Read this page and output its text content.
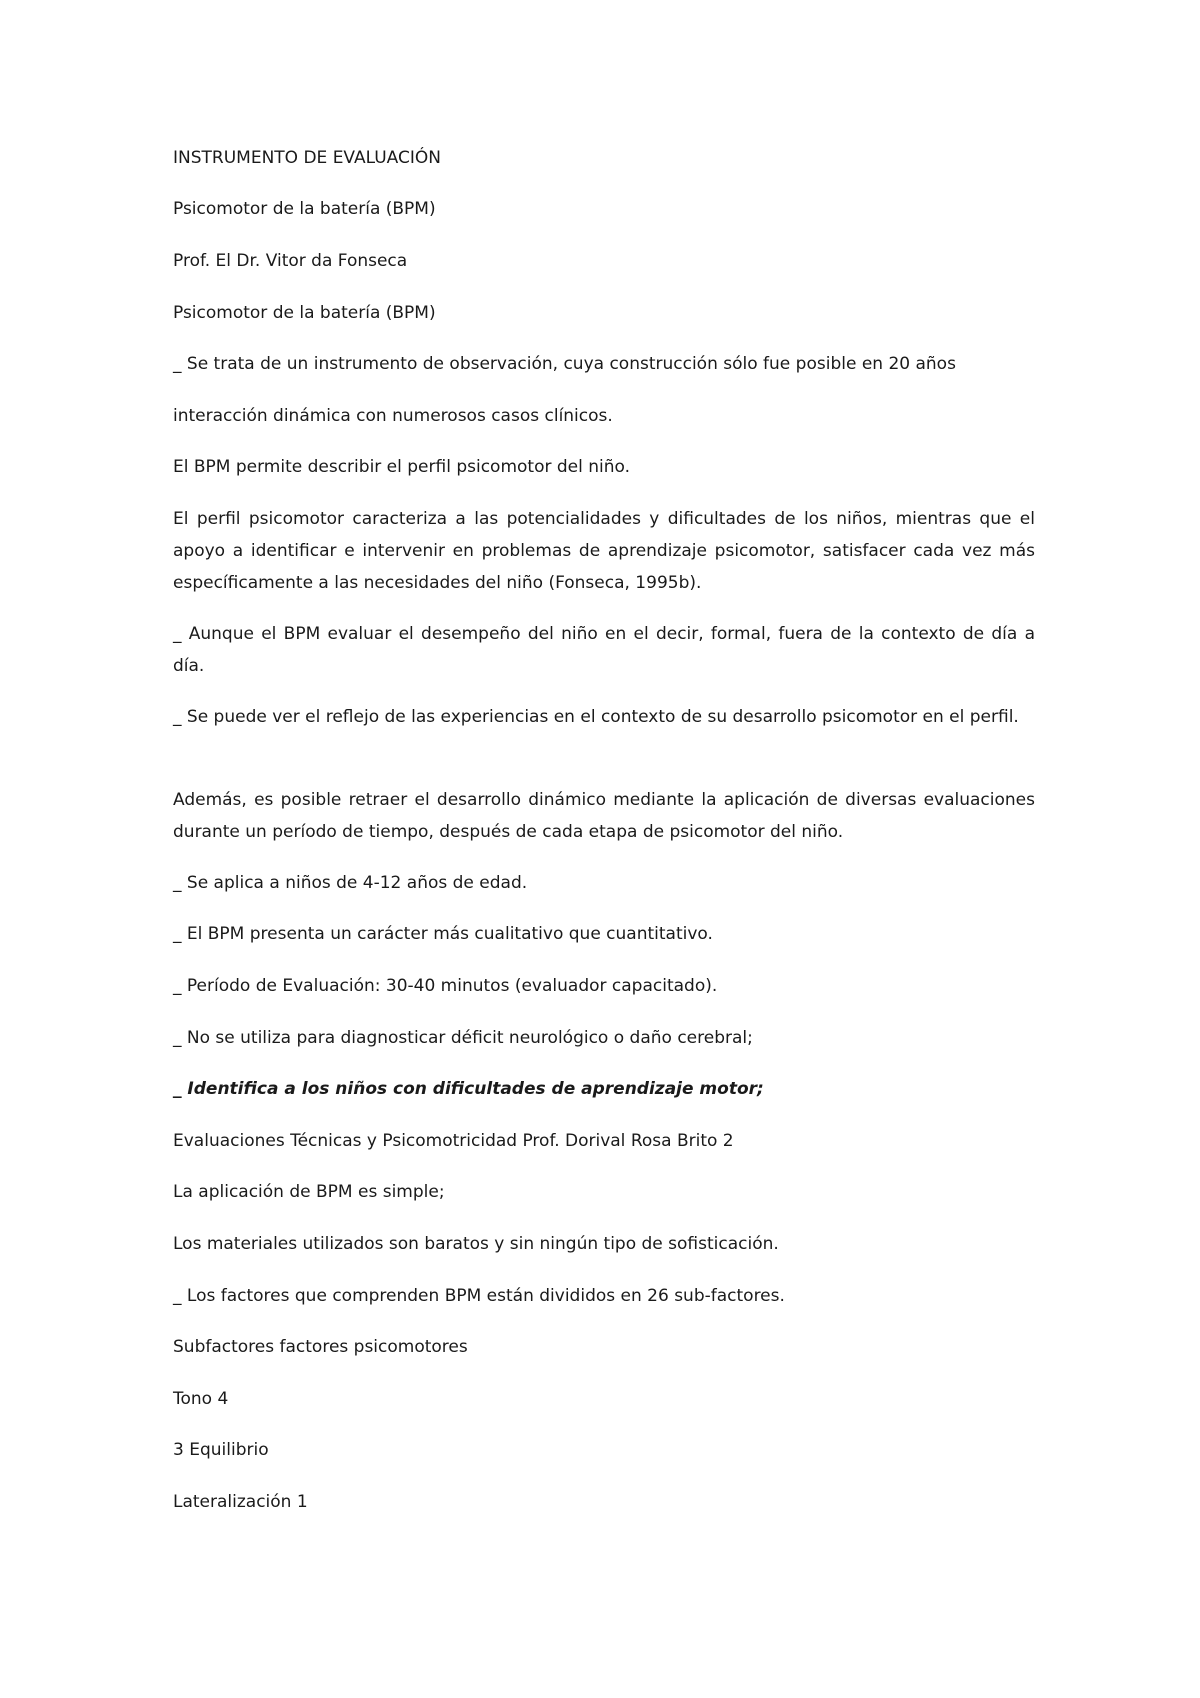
INSTRUMENTO DE EVALUACIÓN

Psicomotor de la batería (BPM)

Prof. El Dr. Vitor da Fonseca

Psicomotor de la batería (BPM)

_ Se trata de un instrumento de observación, cuya construcción sólo fue posible en 20 años

interacción dinámica con numerosos casos clínicos.

El BPM permite describir el perfil psicomotor del niño.

El perfil psicomotor caracteriza a las potencialidades y dificultades de los niños, mientras que el apoyo a identificar e intervenir en problemas de aprendizaje psicomotor, satisfacer cada vez más específicamente a las necesidades del niño (Fonseca, 1995b).

_ Aunque el BPM evaluar el desempeño del niño en el decir, formal, fuera de la contexto de día a día.

_ Se puede ver el reflejo de las experiencias en el contexto de su desarrollo psicomotor en el perfil.

Además, es posible retraer el desarrollo dinámico mediante la aplicación de diversas evaluaciones durante un período de tiempo, después de cada etapa de psicomotor del niño.

_ Se aplica a niños de 4-12 años de edad.

_ El BPM presenta un carácter más cualitativo que cuantitativo.

_ Período de Evaluación: 30-40 minutos (evaluador capacitado).

_ No se utiliza para diagnosticar déficit neurológico o daño cerebral;

_ Identifica a los niños con dificultades de aprendizaje motor;

Evaluaciones Técnicas y Psicomotricidad Prof. Dorival Rosa Brito 2

La aplicación de BPM es simple;

Los materiales utilizados son baratos y sin ningún tipo de sofisticación.

_ Los factores que comprenden BPM están divididos en 26 sub-factores.

Subfactores factores psicomotores

Tono 4

3 Equilibrio

Lateralización 1
